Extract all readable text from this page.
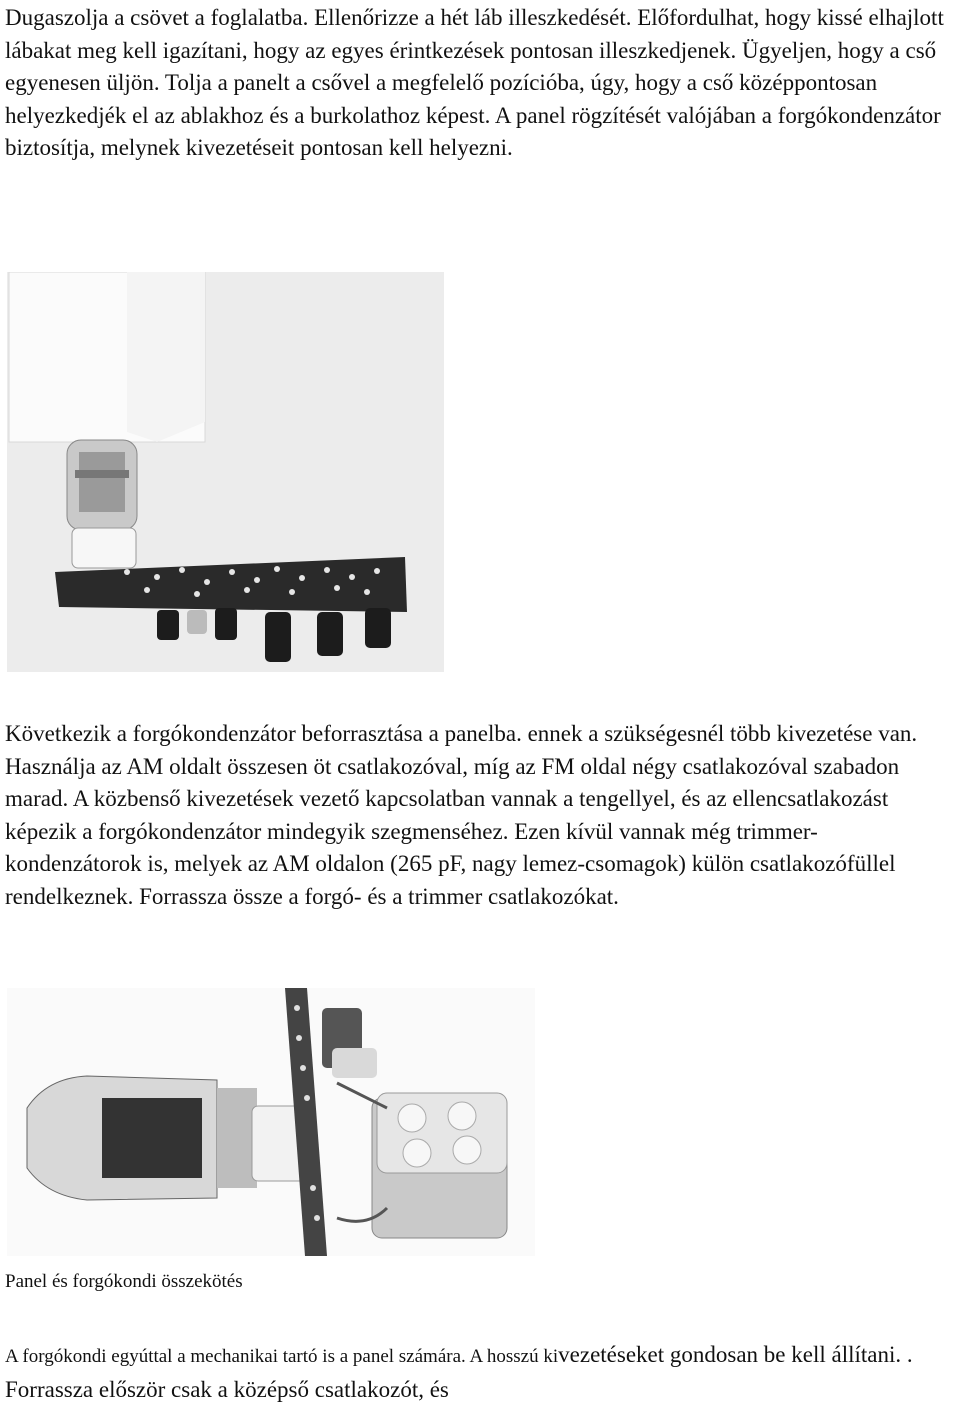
Dugaszolja a csövet a foglalatba. Ellenőrizze a hét láb illeszkedését. Előfordulhat, hogy kissé elhajlott lábakat meg kell igazítani, hogy az egyes érintkezések pontosan illeszkedjenek. Ügyeljen, hogy a cső egyenesen üljön. Tolja a panelt a csővel a megfelelő pozícióba, úgy, hogy a cső középpontosan helyezkedjék el az ablakhoz és a burkolathoz képest. A panel rögzítését valójában a forgókondenzátor biztosítja, melynek kivezetéseit pontosan kell helyezni.
Következik a forgókondenzátor beforrasztása a panelba. ennek a szükségesnél több kivezetése van. Használja az AM oldalt összesen öt csatlakozóval, míg az FM oldal négy csatlakozóval szabadon marad. A közbenső kivezetések vezető kapcsolatban vannak a tengellyel, és az ellencsatlakozást képezik a forgókondenzátor mindegyik szegmenséhez. Ezen kívül vannak még trimmer-kondenzátorok is, melyek az AM oldalon (265 pF, nagy lemez-csomagok) külön csatlakozófüllel rendelkeznek. Forrassza össze a forgó- és a trimmer csatlakozókat.
Panel és forgókondi összekötés
A forgókondi egyúttal a mechanikai tartó is a panel számára. A hosszú kivezetéseket gondosan be kell állítani. . Forrassza először csak a középső csatlakozót, és
